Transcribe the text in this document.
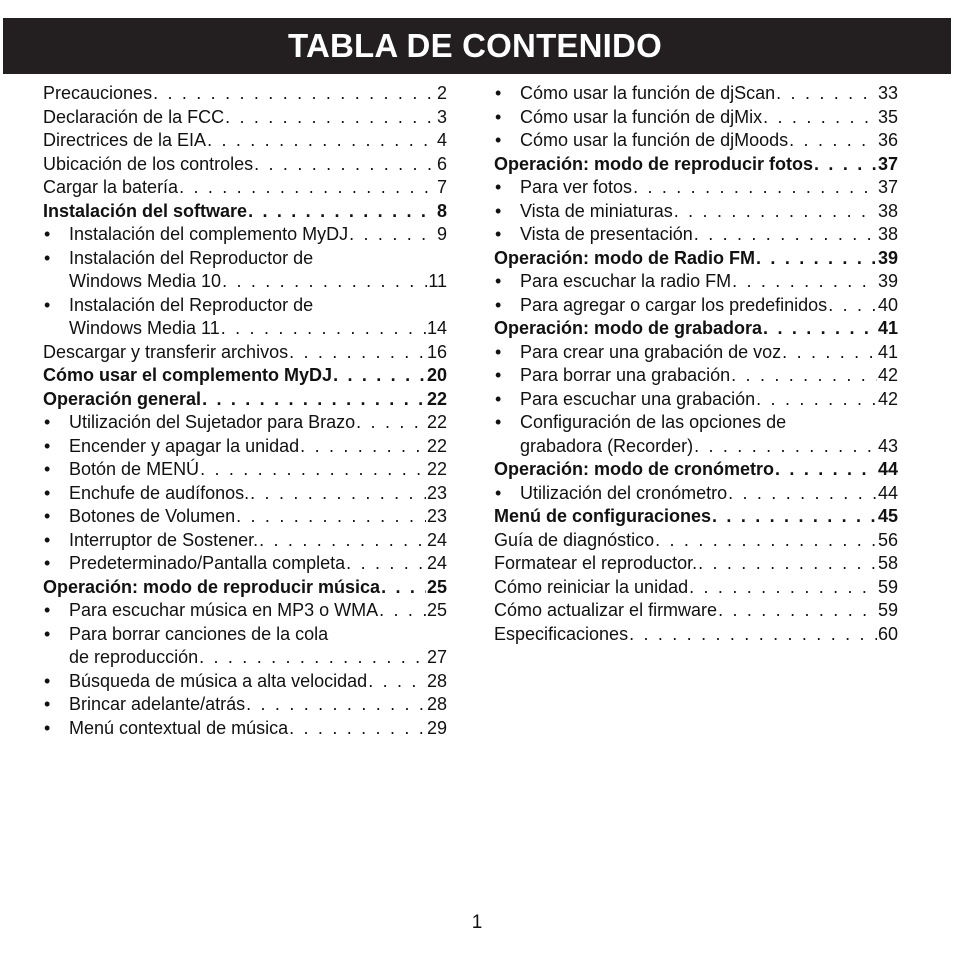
TABLA DE CONTENIDO
Precauciones . . .	2
Declaración de la FCC . . .	3
Directrices de la EIA . . .	4
Ubicación de los controles . . .	6
Cargar la batería . . .	7
Instalación del software . . .	8
• Instalación del complemento MyDJ . . .	9
• Instalación del Reproductor de
Windows Media 10 . . .	11
• Instalación del Reproductor de
Windows Media 11 . . .	14
Descargar y transferir archivos . . .	16
Cómo usar el complemento MyDJ . . .	20
Operación general . . .	22
• Utilización del Sujetador para Brazo . . .	22
• Encender y apagar la unidad . . .	22
• Botón de MENÚ . . .	22
• Enchufe de audífonos. . . .	23
• Botones de Volumen . . .	23
• Interruptor de Sostener. . . .	24
• Predeterminado/Pantalla completa . . .	24
Operación: modo de reproducir música . . .	25
• Para escuchar música en MP3 o WMA . . .	25
• Para borrar canciones de la cola
de reproducción . . .	27
• Búsqueda de música a alta velocidad . . .	28
• Brincar adelante/atrás . . .	28
• Menú contextual de música . . .	29
• Cómo usar la función de djScan . . .	33
• Cómo usar la función de djMix . . .	35
• Cómo usar la función de djMoods . . .	36
Operación: modo de reproducir fotos . . .	37
• Para ver fotos . . .	37
• Vista de miniaturas . . .	38
• Vista de presentación . . .	38
Operación: modo de Radio FM . . .	39
• Para escuchar la radio FM . . .	39
• Para agregar o cargar los predefinidos . . .	40
Operación: modo de grabadora . . .	41
• Para crear una grabación de voz . . .	41
• Para borrar una grabación . . .	42
• Para escuchar una grabación . . .	42
• Configuración de las opciones de
grabadora (Recorder) . . .	43
Operación: modo de cronómetro . . .	44
• Utilización del cronómetro . . .	44
Menú de configuraciones . . .	45
Guía de diagnóstico . . .	56
Formatear el reproductor. . . .	58
Cómo reiniciar la unidad . . .	59
Cómo actualizar el firmware . . .	59
Especificaciones . . .	60
1
